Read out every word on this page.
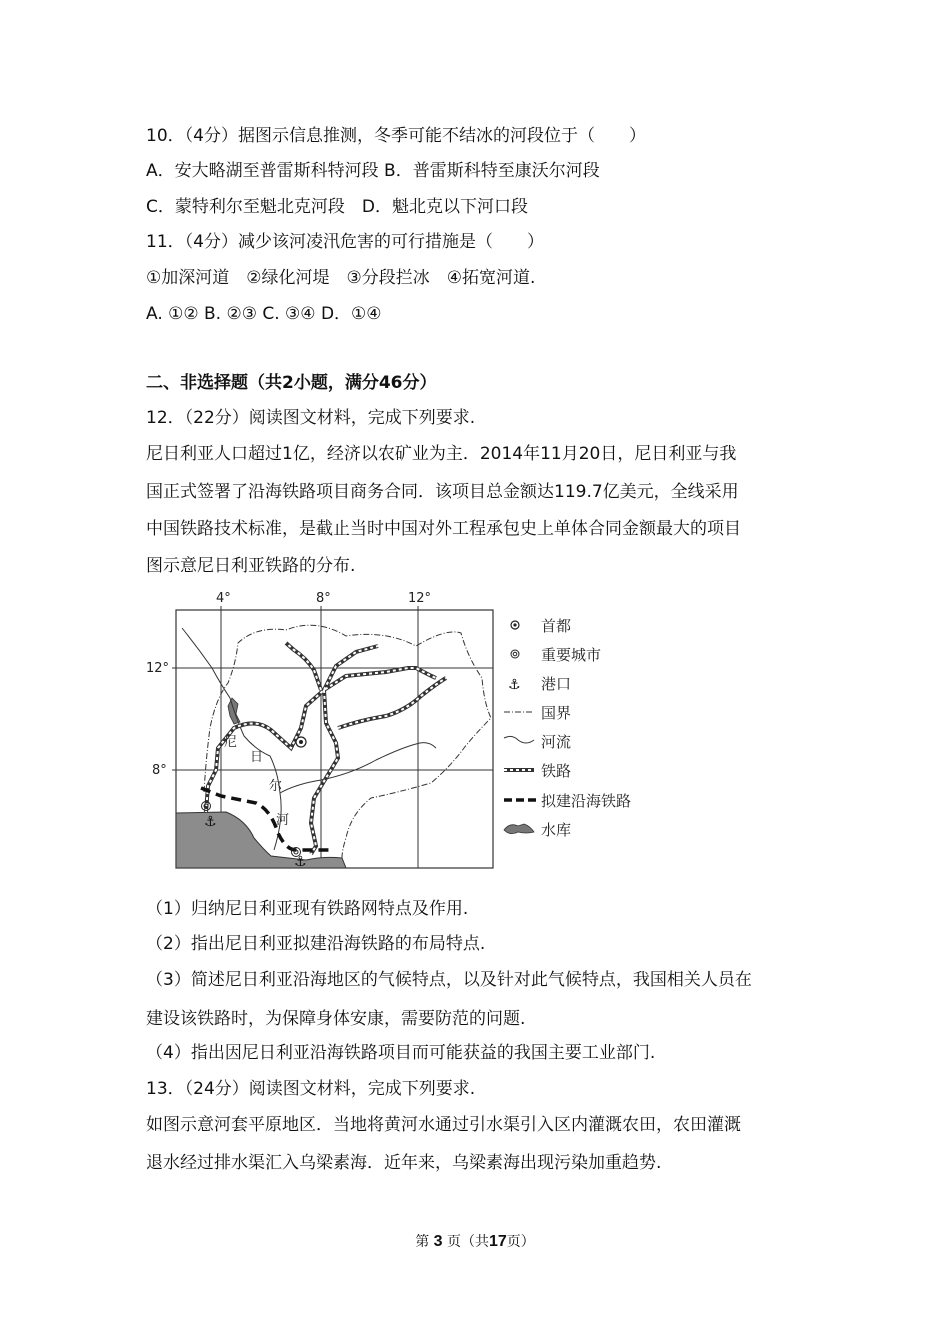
10．（4分）据图示信息推测，冬季可能不结冰的河段位于（　　）
A．安大略湖至普雷斯科特河段 B．普雷斯科特至康沃尔河段
C．蒙特利尔至魁北克河段　D．魁北克以下河口段
11．（4分）减少该河凌汛危害的可行措施是（　　）
①加深河道　②绿化河堤　③分段拦冰　④拓宽河道.
A. ①② B. ②③ C. ③④ D．①④
二、非选择题（共2小题，满分46分）
12．（22分）阅读图文材料，完成下列要求.
尼日利亚人口超过1亿，经济以农矿业为主．2014年11月20日，尼日利亚与我
国正式签署了沿海铁路项目商务合同．该项目总金额达119.7亿美元，全线采用
中国铁路技术标准，是截止当时中国对外工程承包史上单体合同金额最大的项目
图示意尼日利亚铁路的分布.
4°	8°	12°
12°
8°
⚓
⚓
尼
日
尔
河
首都
重要城市
⚓ 港口
国界
河流
铁路
拟建沿海铁路
水库
（1）归纳尼日利亚现有铁路网特点及作用.
（2）指出尼日利亚拟建沿海铁路的布局特点.
（3）简述尼日利亚沿海地区的气候特点，以及针对此气候特点，我国相关人员在
建设该铁路时，为保障身体安康，需要防范的问题.
（4）指出因尼日利亚沿海铁路项目而可能获益的我国主要工业部门.
13．（24分）阅读图文材料，完成下列要求.
如图示意河套平原地区．当地将黄河水通过引水渠引入区内灌溉农田，农田灌溉
退水经过排水渠汇入乌梁素海．近年来，乌梁素海出现污染加重趋势.
第 3 页（共17页）
